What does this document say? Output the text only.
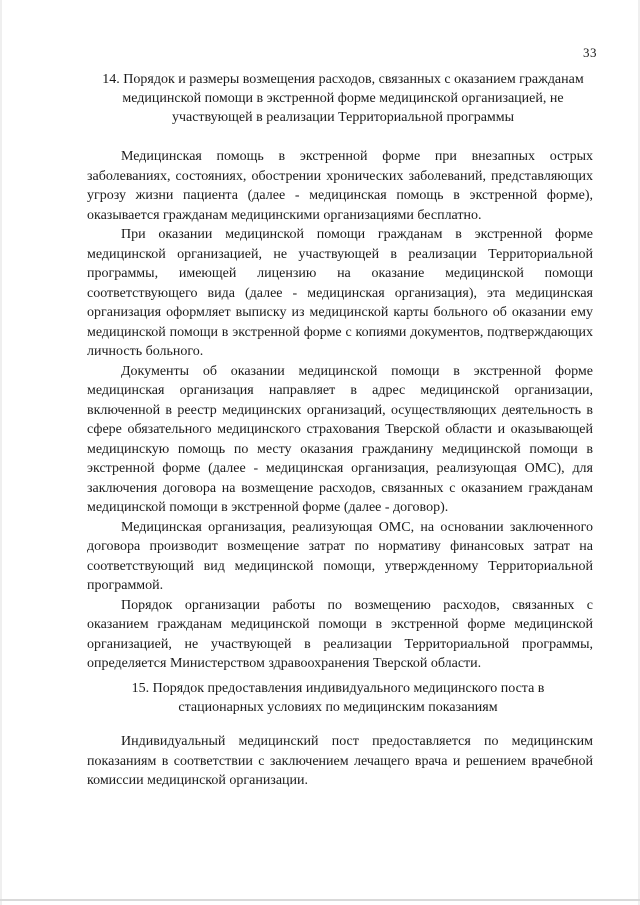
33
14. Порядок и размеры возмещения расходов, связанных с оказанием гражданам медицинской помощи в экстренной форме медицинской организацией, не участвующей в реализации Территориальной программы

Медицинская помощь в экстренной форме при внезапных острых заболеваниях, состояниях, обострении хронических заболеваний, представляющих угрозу жизни пациента (далее - медицинская помощь в экстренной форме), оказывается гражданам медицинскими организациями бесплатно.

При оказании медицинской помощи гражданам в экстренной форме медицинской организацией, не участвующей в реализации Территориальной программы, имеющей лицензию на оказание медицинской помощи соответствующего вида (далее - медицинская организация), эта медицинская организация оформляет выписку из медицинской карты больного об оказании ему медицинской помощи в экстренной форме с копиями документов, подтверждающих личность больного.

Документы об оказании медицинской помощи в экстренной форме медицинская организация направляет в адрес медицинской организации, включенной в реестр медицинских организаций, осуществляющих деятельность в сфере обязательного медицинского страхования Тверской области и оказывающей медицинскую помощь по месту оказания гражданину медицинской помощи в экстренной форме (далее - медицинская организация, реализующая ОМС), для заключения договора на возмещение расходов, связанных с оказанием гражданам медицинской помощи в экстренной форме (далее - договор).

Медицинская организация, реализующая ОМС, на основании заключенного договора производит возмещение затрат по нормативу финансовых затрат на соответствующий вид медицинской помощи, утвержденному Территориальной программой.

Порядок организации работы по возмещению расходов, связанных с оказанием гражданам медицинской помощи в экстренной форме медицинской организацией, не участвующей в реализации Территориальной программы, определяется Министерством здравоохранения Тверской области.

15. Порядок предоставления индивидуального медицинского поста в стационарных условиях по медицинским показаниям

Индивидуальный медицинский пост предоставляется по медицинским показаниям в соответствии с заключением лечащего врача и решением врачебной комиссии медицинской организации.
